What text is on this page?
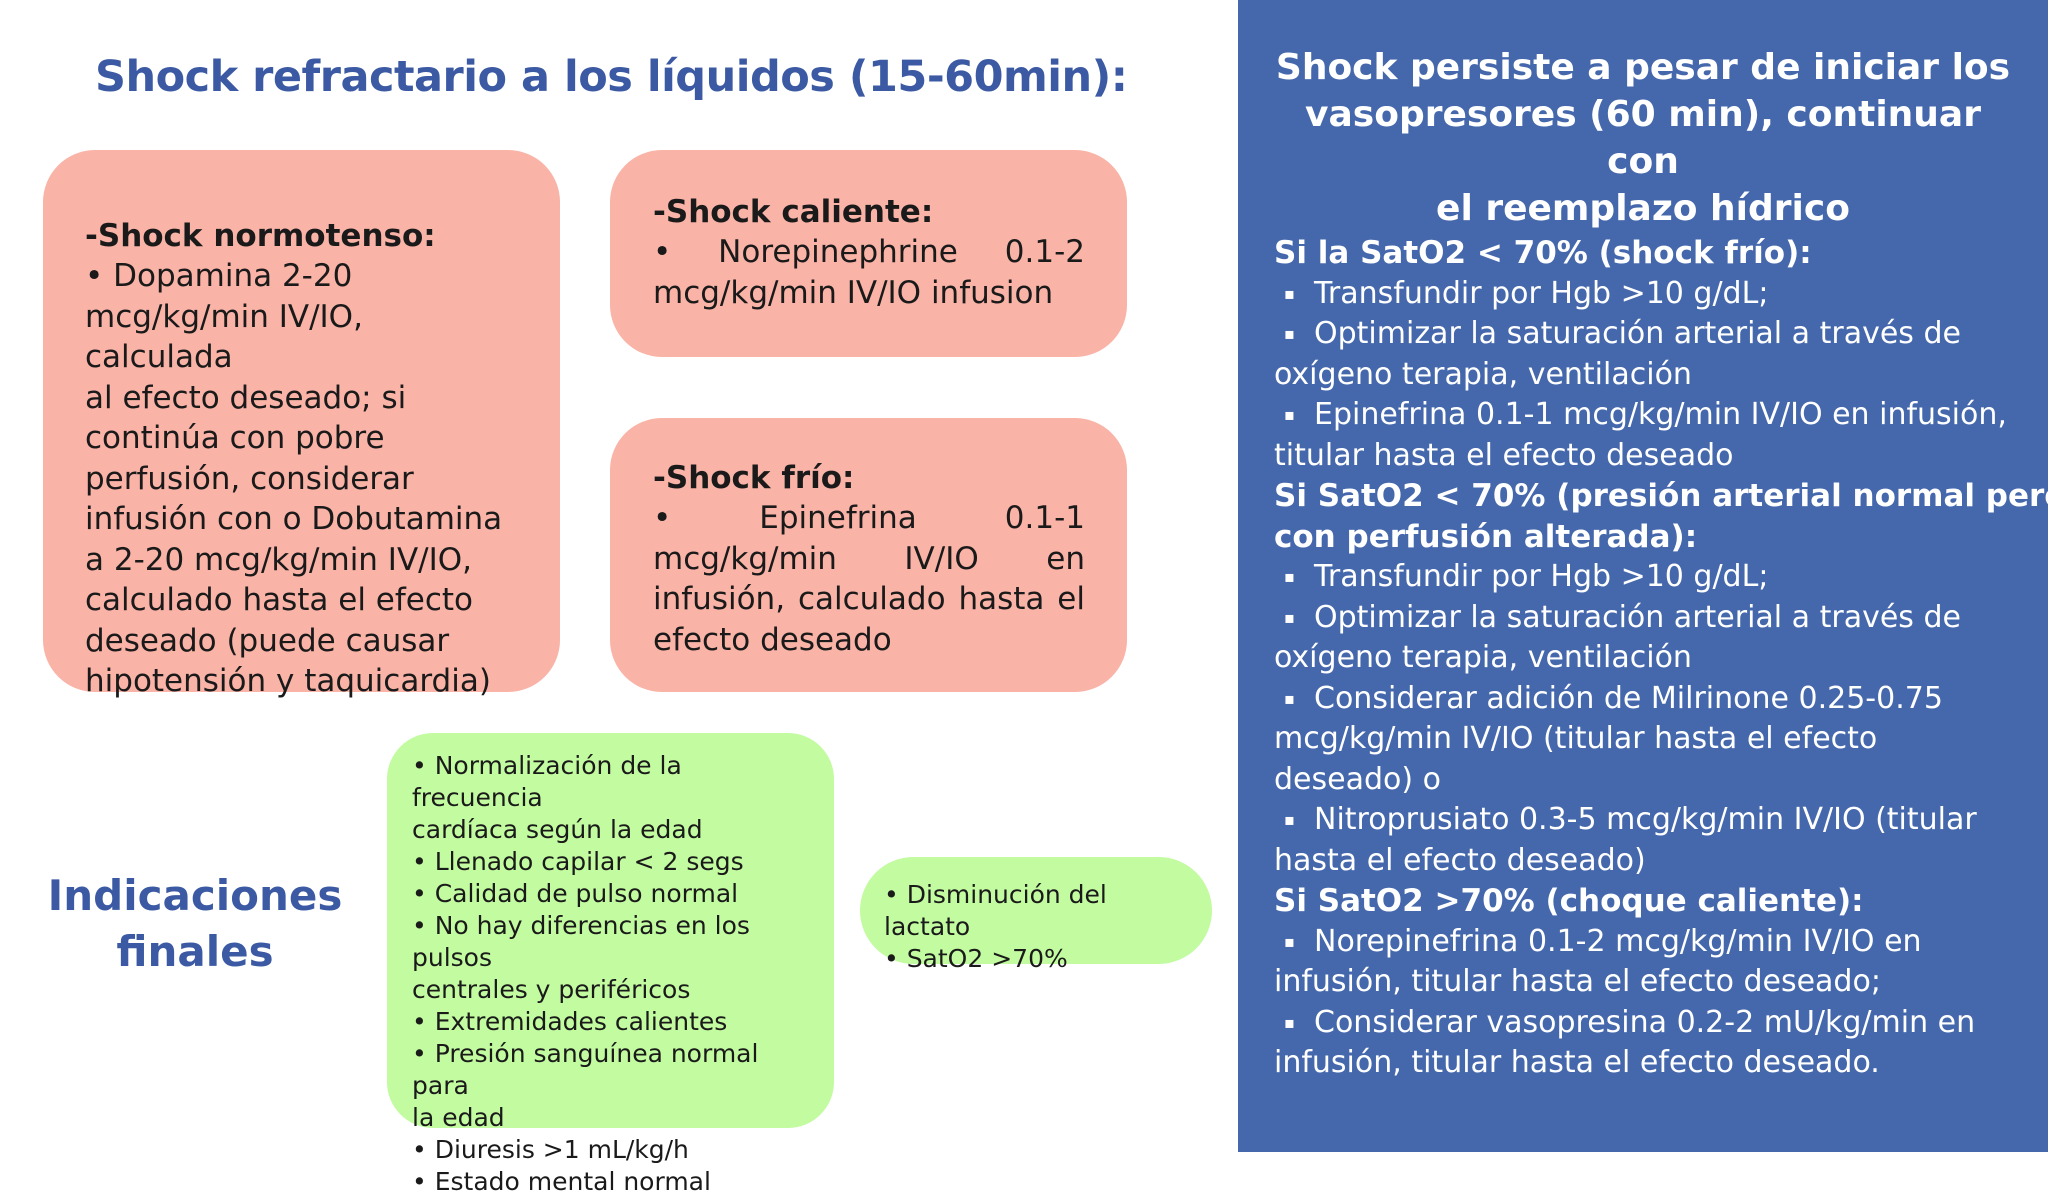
Shock refractario a los líquidos (15-60min):
-Shock normotenso:
• Dopamina 2-20
mcg/kg/min IV/IO, calculada
al efecto deseado; si
continúa con pobre
perfusión, considerar
infusión con o Dobutamina
a 2-20 mcg/kg/min IV/IO,
calculado hasta el efecto
deseado (puede causar
hipotensión y taquicardia)
-Shock caliente:
• Norepinephrine 0.1-2
mcg/kg/min IV/IO infusion
-Shock frío:
• Epinefrina 0.1-1
mcg/kg/min IV/IO en
infusión, calculado hasta el
efecto deseado
Indicaciones
finales
• Normalización de la frecuencia
cardíaca según la edad
• Llenado capilar < 2 segs
• Calidad de pulso normal
• No hay diferencias en los pulsos
centrales y periféricos
• Extremidades calientes
• Presión sanguínea normal para
la edad
• Diuresis >1 mL/kg/h
• Estado mental normal
• Disminución del lactato
• SatO2 >70%
Shock persiste a pesar de iniciar los
vasopresores (60 min), continuar con
el reemplazo hídrico
Si la SatO2 < 70% (shock frío):
▪ Transfundir por Hgb >10 g/dL;
▪ Optimizar la saturación arterial a través de
oxígeno terapia, ventilación
▪ Epinefrina 0.1-1 mcg/kg/min IV/IO en infusión,
titular hasta el efecto deseado
Si SatO2 < 70% (presión arterial normal pero
con perfusión alterada):
▪ Transfundir por Hgb >10 g/dL;
▪ Optimizar la saturación arterial a través de
oxígeno terapia, ventilación
▪ Considerar adición de Milrinone 0.25-0.75
mcg/kg/min IV/IO (titular hasta el efecto
deseado) o
▪ Nitroprusiato 0.3-5 mcg/kg/min IV/IO (titular
hasta el efecto deseado)
Si SatO2 >70% (choque caliente):
▪ Norepinefrina 0.1-2 mcg/kg/min IV/IO en
infusión, titular hasta el efecto deseado;
▪ Considerar vasopresina 0.2-2 mU/kg/min en
infusión, titular hasta el efecto deseado.
